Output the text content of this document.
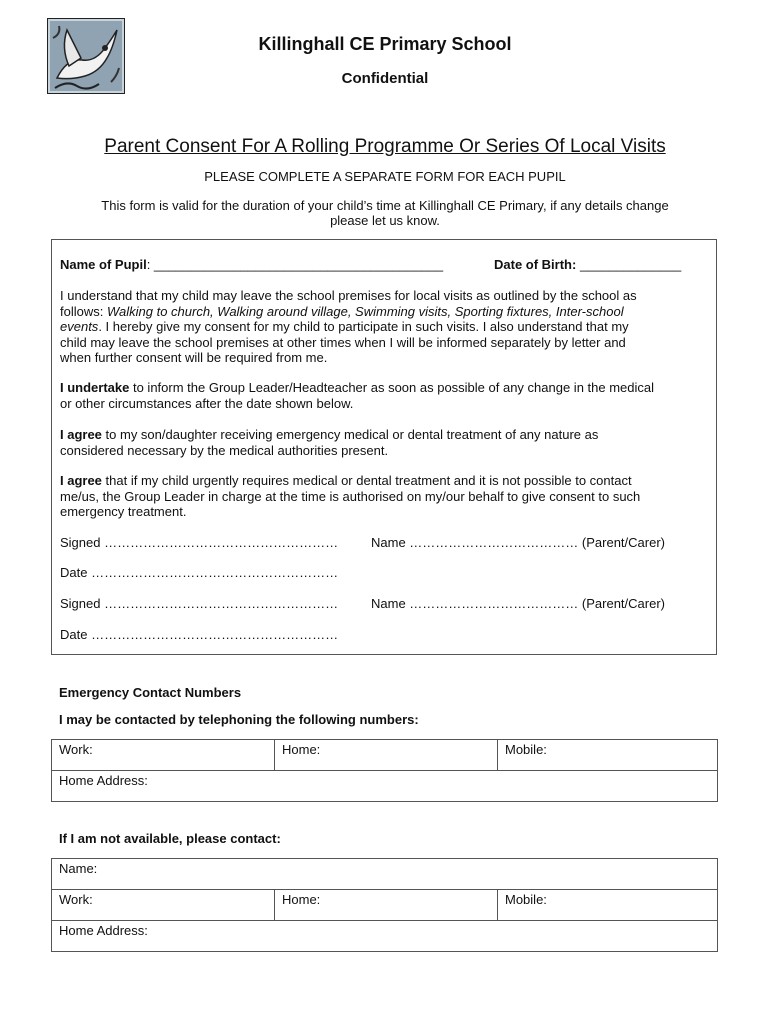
Killinghall CE Primary School
Confidential
Parent Consent For A Rolling Programme Or Series Of Local Visits
PLEASE COMPLETE A SEPARATE FORM FOR EACH PUPIL
This form is valid for the duration of your child’s time at Killinghall CE Primary, if any details change
please let us know.
Name of Pupil: ________________________________________	Date of Birth: ______________
I understand that my child may leave the school premises for local visits as outlined by the school as
follows: Walking to church, Walking around village, Swimming visits, Sporting fixtures, Inter-school
events. I hereby give my consent for my child to participate in such visits. I also understand that my
child may leave the school premises at other times when I will be informed separately by letter and
when further consent will be required from me.
I undertake to inform the Group Leader/Headteacher as soon as possible of any change in the medical
or other circumstances after the date shown below.
I agree to my son/daughter receiving emergency medical or dental treatment of any nature as
considered necessary by the medical authorities present.
I agree that if my child urgently requires medical or dental treatment and it is not possible to contact
me/us, the Group Leader in charge at the time is authorised on my/our behalf to give consent to such
emergency treatment.
Signed ………………………………………………	Name ………………………………… (Parent/Carer)
Date …………………………………………………
Signed ………………………………………………	Name ………………………………… (Parent/Carer)
Date …………………………………………………
Emergency Contact Numbers
I may be contacted by telephoning the following numbers:
Work:	Home:	Mobile:
Home Address:
If I am not available, please contact:
Name:
Work:	Home:	Mobile:
Home Address:
